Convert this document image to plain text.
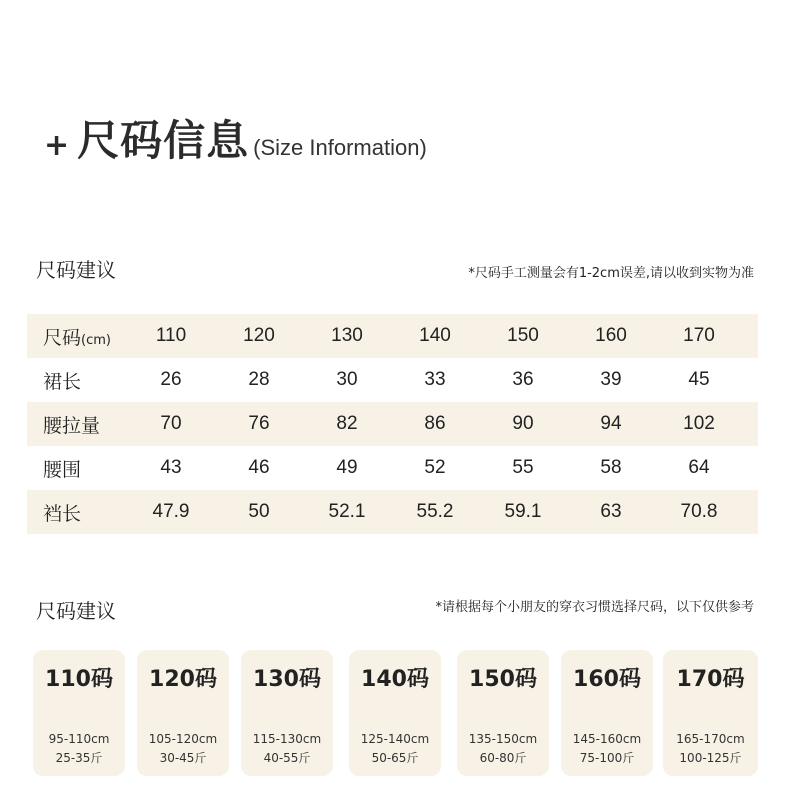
+ 尺码信息 (Size Information)
尺码建议	*尺码手工测量会有1-2cm误差,请以收到实物为准
尺码(cm)	110	120	130	140	150	160	170
裙长	26	28	30	33	36	39	45
腰拉量	70	76	82	86	90	94	102
腰围	43	46	49	52	55	58	64
裆长	47.9	50	52.1	55.2	59.1	63	70.8
尺码建议	*请根据每个小朋友的穿衣习惯选择尺码，以下仅供参考
110码
95-110cm
25-35斤
120码
105-120cm
30-45斤
130码
115-130cm
40-55斤
140码
125-140cm
50-65斤
150码
135-150cm
60-80斤
160码
145-160cm
75-100斤
170码
165-170cm
100-125斤
